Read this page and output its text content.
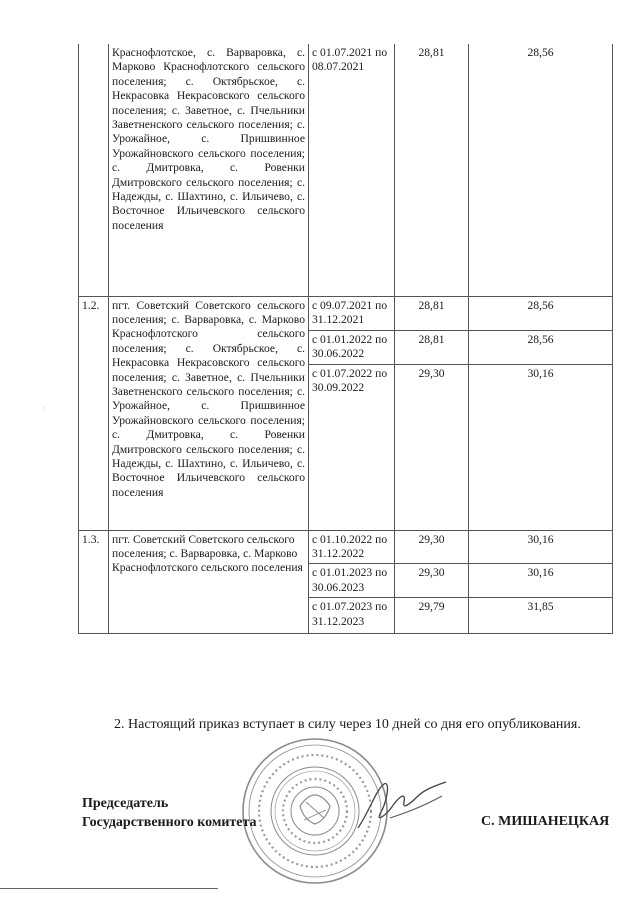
	Краснофлотское, с. Варваровка, с. Марково Краснофлотского сельского поселения; с. Октябрьское, с. Некрасовка Некрасовского сельского поселения; с. Заветное, с. Пчельники Заветненского сельского поселения; с. Урожайное, с. Пришвинное Урожайновского сельского поселения; с. Дмитровка, с. Ровенки Дмитровского сельского поселения; с. Надежды, с. Шахтино, с. Ильичево, с. Восточное Ильичевского сельского поселения	с 01.07.2021 по 08.07.2021	28,81	28,56
1.2.	пгт. Советский Советского сельского поселения; с. Варваровка, с. Марково Краснофлотского сельского поселения; с. Октябрьское, с. Некрасовка Некрасовского сельского поселения; с. Заветное, с. Пчельники Заветненского сельского поселения; с. Урожайное, с. Пришвинное Урожайновского сельского поселения; с. Дмитровка, с. Ровенки Дмитровского сельского поселения; с. Надежды, с. Шахтино, с. Ильичево, с. Восточное Ильичевского сельского поселения	с 09.07.2021 по 31.12.2021	28,81	28,56
		с 01.01.2022 по 30.06.2022	28,81	28,56
		с 01.07.2022 по 30.09.2022	29,30	30,16
1.3.	пгт. Советский Советского сельского поселения; с. Варваровка, с. Марково Краснофлотского сельского поселения	с 01.10.2022 по 31.12.2022	29,30	30,16
		с 01.01.2023 по 30.06.2023	29,30	30,16
		с 01.07.2023 по 31.12.2023	29,79	31,85
·

2. Настоящий приказ вступает в силу через 10 дней со дня его опубликования.

Председатель
Государственного комитета	С. МИШАНЕЦКАЯ
